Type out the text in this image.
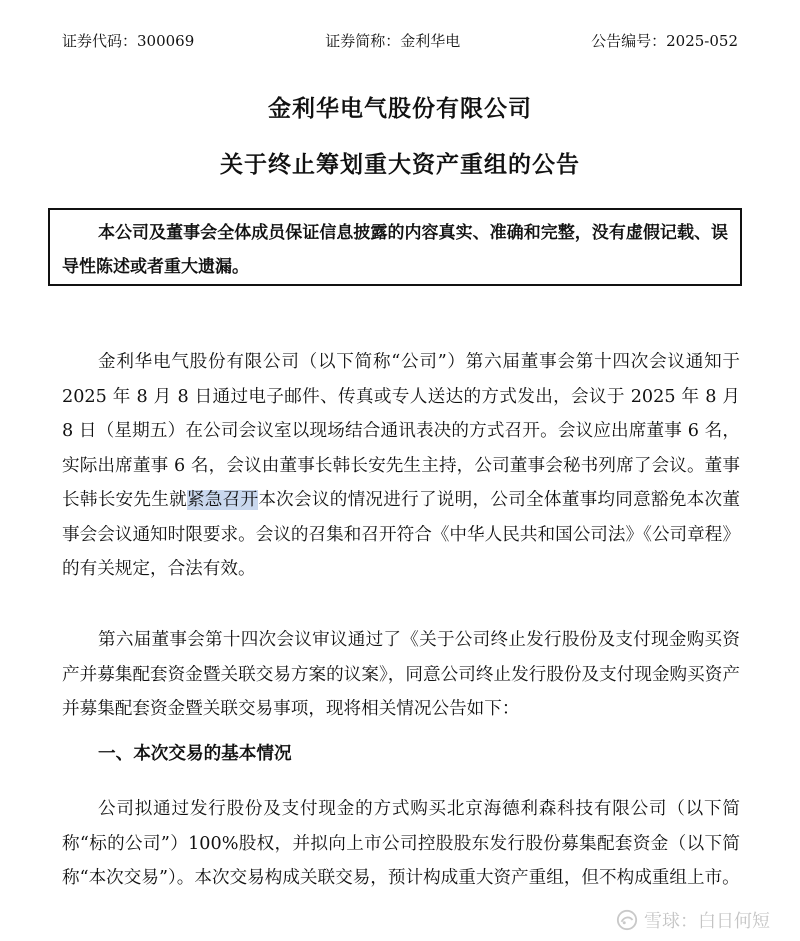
证券代码：300069	证券简称：金利华电	公告编号：2025-052
金利华电气股份有限公司
关于终止筹划重大资产重组的公告
本公司及董事会全体成员保证信息披露的内容真实、准确和完整，没有虚假记载、误导性陈述或者重大遗漏。
金利华电气股份有限公司（以下简称“公司”）第六届董事会第十四次会议通知于 2025 年 8 月 8 日通过电子邮件、传真或专人送达的方式发出，会议于 2025 年 8 月 8 日（星期五）在公司会议室以现场结合通讯表决的方式召开。会议应出席董事 6 名，实际出席董事 6 名，会议由董事长韩长安先生主持，公司董事会秘书列席了会议。董事长韩长安先生就紧急召开本次会议的情况进行了说明，公司全体董事均同意豁免本次董事会会议通知时限要求。会议的召集和召开符合《中华人民共和国公司法》《公司章程》的有关规定，合法有效。
第六届董事会第十四次会议审议通过了《关于公司终止发行股份及支付现金购买资产并募集配套资金暨关联交易方案的议案》，同意公司终止发行股份及支付现金购买资产并募集配套资金暨关联交易事项，现将相关情况公告如下：
一、本次交易的基本情况
公司拟通过发行股份及支付现金的方式购买北京海德利森科技有限公司（以下简称“标的公司”）100%股权，并拟向上市公司控股股东发行股份募集配套资金（以下简称“本次交易”）。本次交易构成关联交易，预计构成重大资产重组，但不构成重组上市。
雪球：白日何短
